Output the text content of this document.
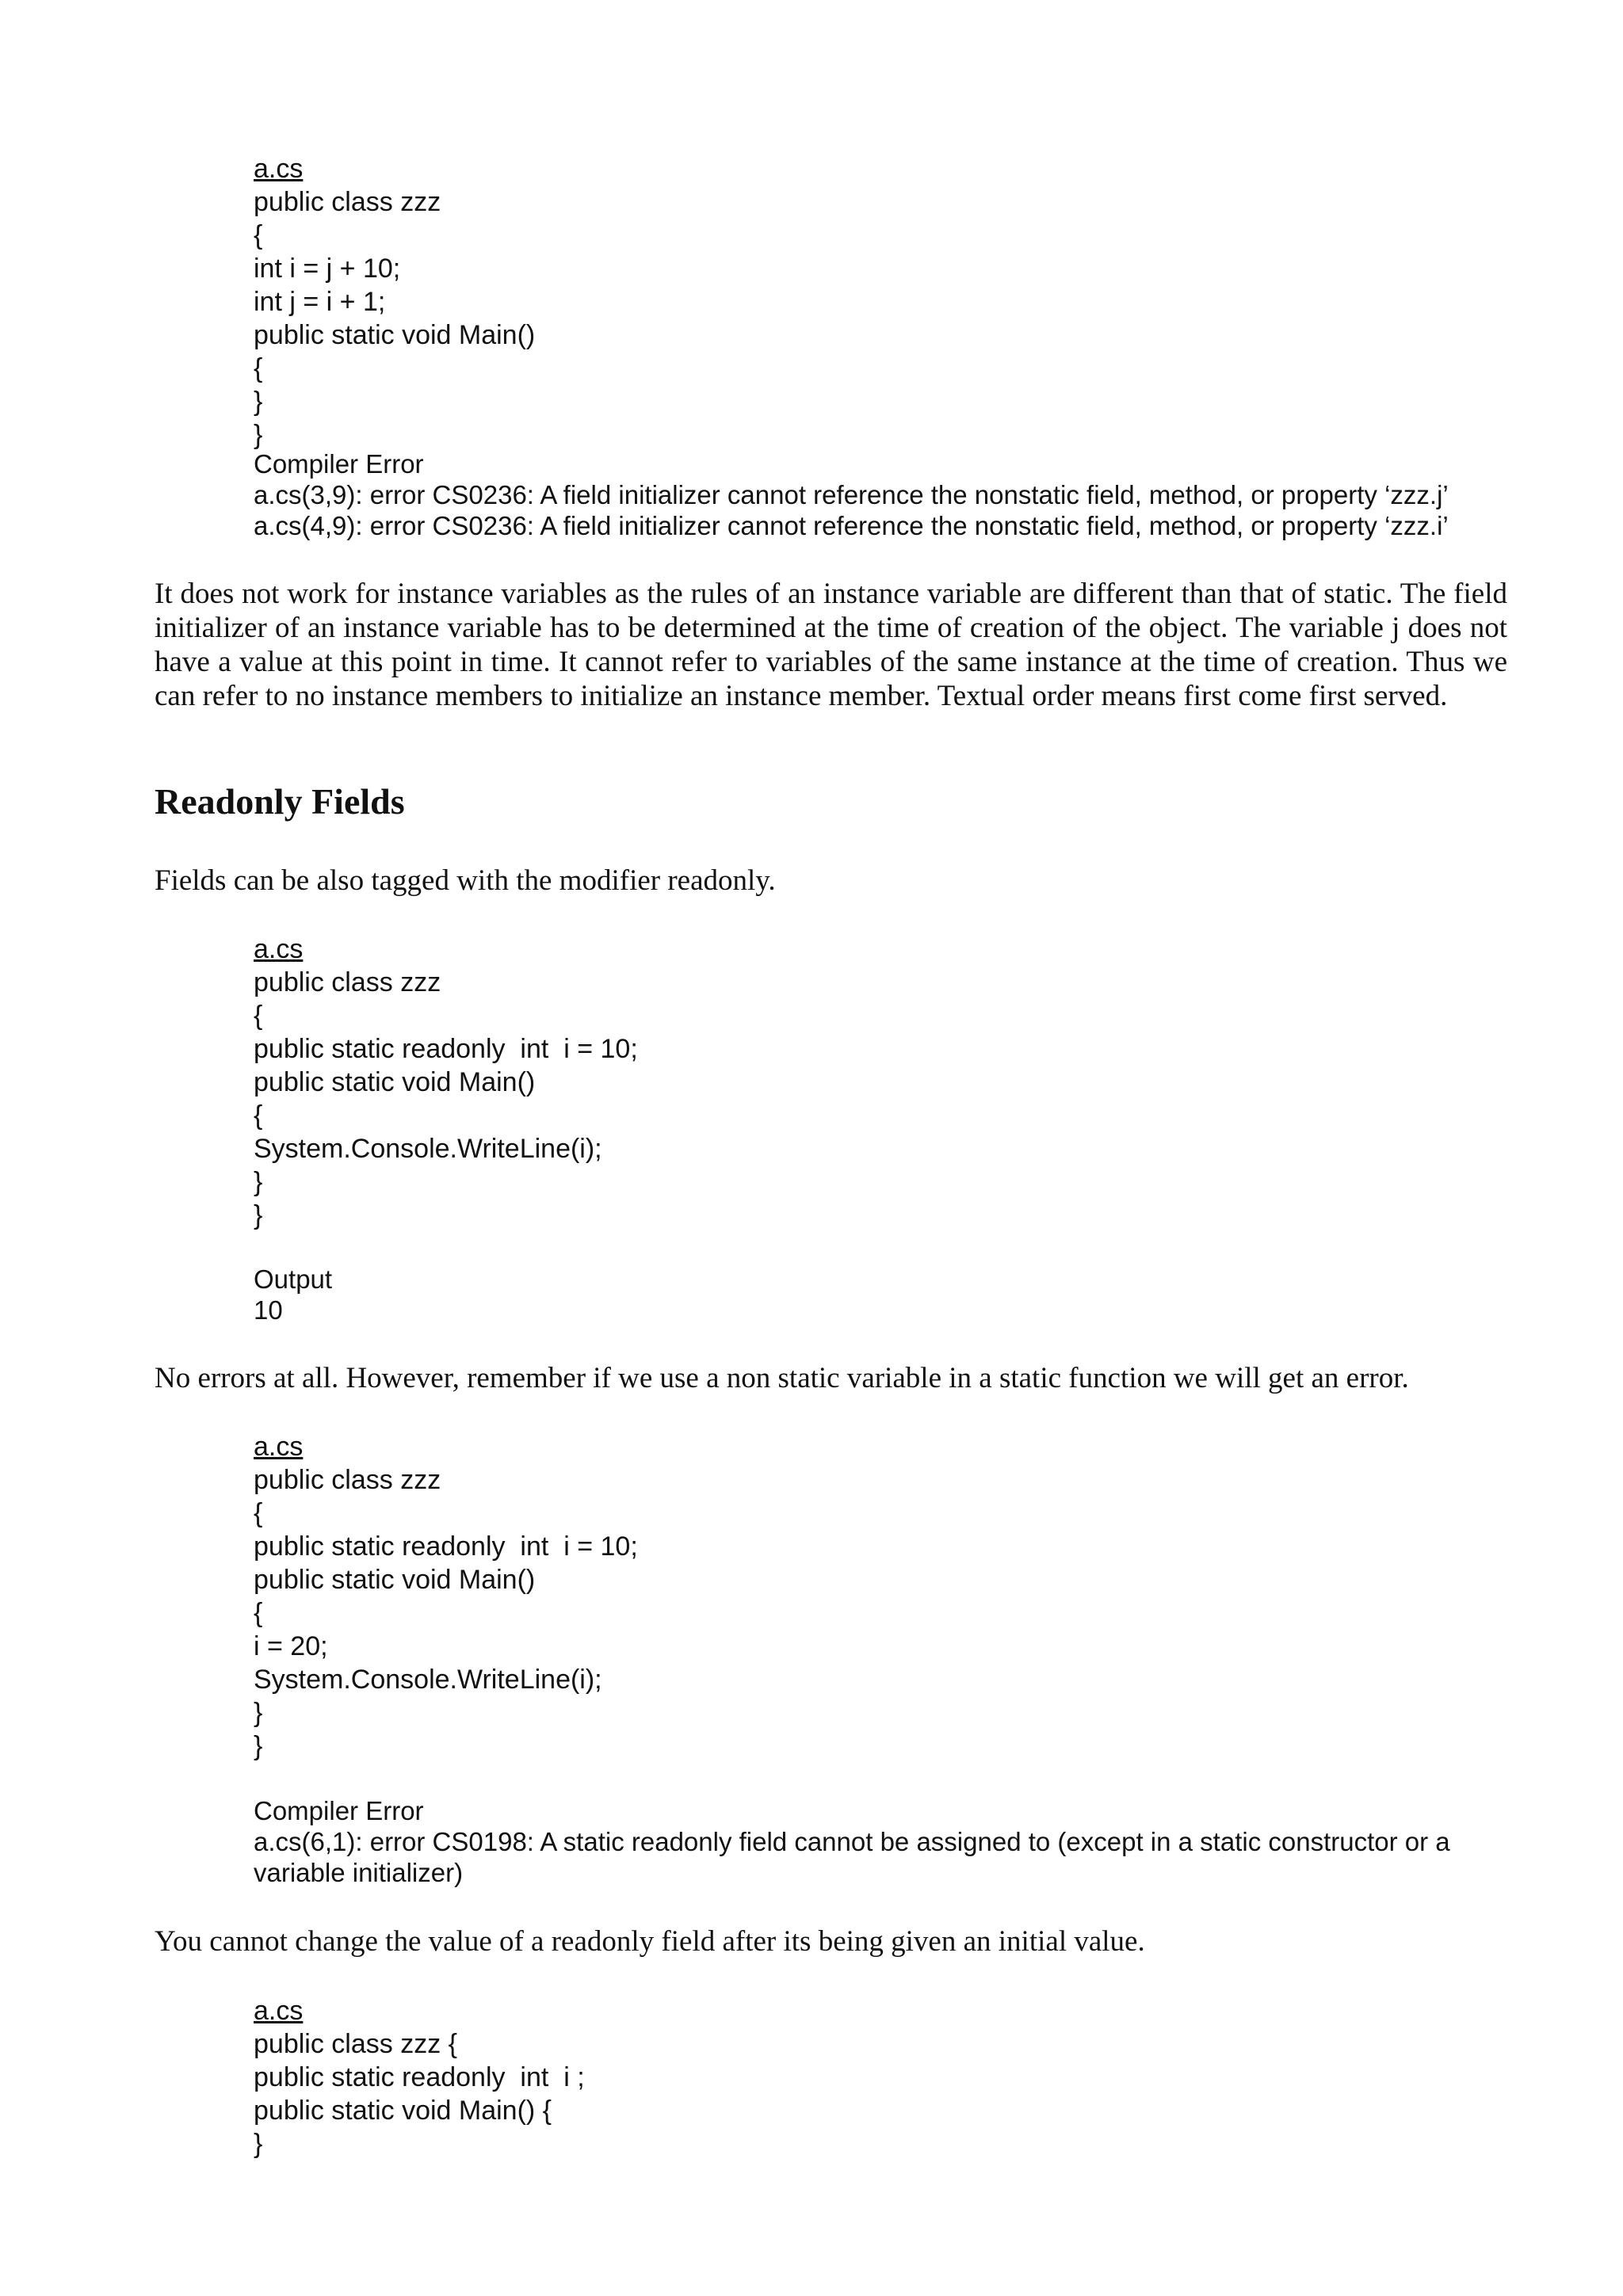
a.cs
public class zzz
{
int i = j + 10;
int j = i + 1;
public static void Main()
{
}
}
Compiler Error
a.cs(3,9): error CS0236: A field initializer cannot reference the nonstatic field, method, or property ‘zzz.j’
a.cs(4,9): error CS0236: A field initializer cannot reference the nonstatic field, method, or property ‘zzz.i’

It does not work for instance variables as the rules of an instance variable are different than that of static. The field initializer of an instance variable has to be determined at the time of creation of the object. The variable j does not have a value at this point in time. It cannot refer to variables of the same instance at the time of creation. Thus we can refer to no instance members to initialize an instance member. Textual order means first come first served.

Readonly Fields

Fields can be also tagged with the modifier readonly.

a.cs
public class zzz
{
public static readonly  int  i = 10;
public static void Main()
{
System.Console.WriteLine(i);
}
}
Output
10

No errors at all. However, remember if we use a non static variable in a static function we will get an error.

a.cs
public class zzz
{
public static readonly  int  i = 10;
public static void Main()
{
i = 20;
System.Console.WriteLine(i);
}
}
Compiler Error
a.cs(6,1): error CS0198: A static readonly field cannot be assigned to (except in a static constructor or a variable initializer)

You cannot change the value of a readonly field after its being given an initial value.

a.cs
public class zzz {
public static readonly  int  i ;
public static void Main() {
}
